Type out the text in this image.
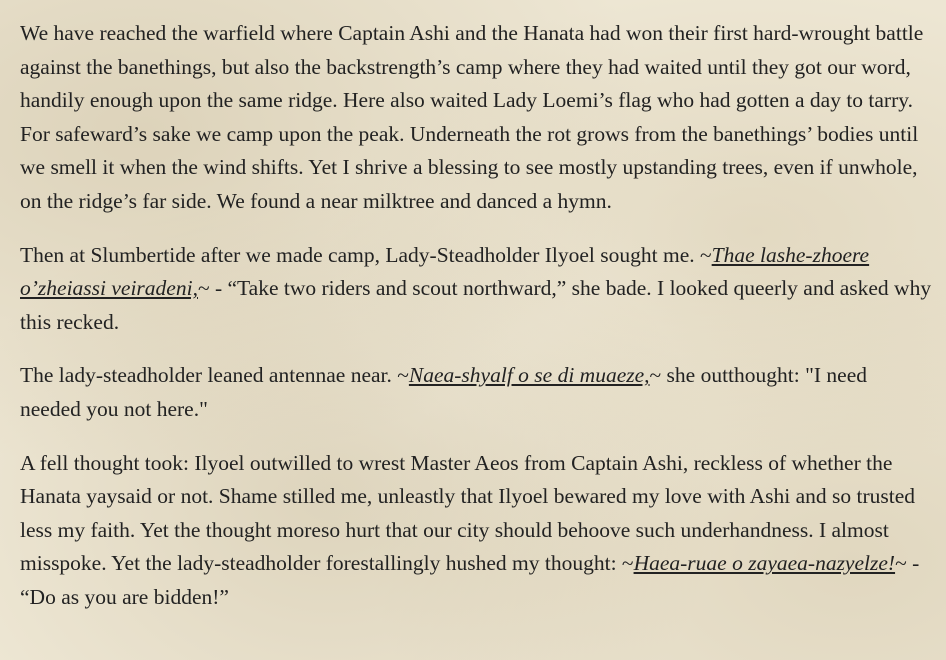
We have reached the warfield where Captain Ashi and the Hanata had won their first hard-wrought battle against the banethings, but also the backstrength’s camp where they had waited until they got our word, handily enough upon the same ridge. Here also waited Lady Loemi’s flag who had gotten a day to tarry. For safeward’s sake we camp upon the peak. Underneath the rot grows from the banethings’ bodies until we smell it when the wind shifts. Yet I shrive a blessing to see mostly upstanding trees, even if unwhole, on the ridge’s far side. We found a near milktree and danced a hymn.

Then at Slumbertide after we made camp, Lady-Steadholder Ilyoel sought me. ~Thae lashe-zhoere o’zheiassi veiradeni,~ - “Take two riders and scout northward,” she bade. I looked queerly and asked why this recked.

The lady-steadholder leaned antennae near. ~Naea-shyalf o se di muaeze,~ she outthought: "I need needed you not here."

A fell thought took: Ilyoel outwilled to wrest Master Aeos from Captain Ashi, reckless of whether the Hanata yaysaid or not. Shame stilled me, unleastly that Ilyoel bewared my love with Ashi and so trusted less my faith. Yet the thought moreso hurt that our city should behoove such underhandness. I almost misspoke. Yet the lady-steadholder forestallingly hushed my thought: ~Haea-ruae o zayaea-nazyelze!~ - “Do as you are bidden!”
